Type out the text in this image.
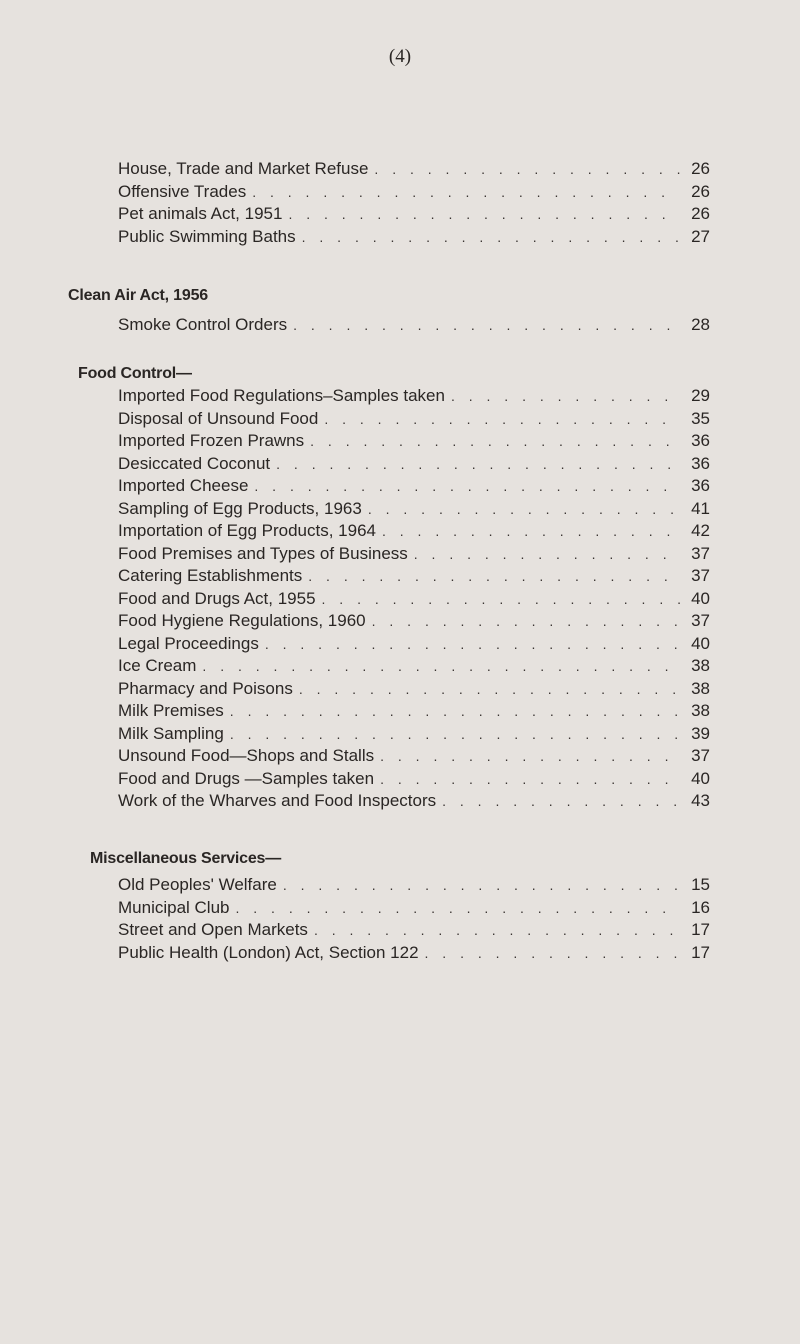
(4)
House, Trade and Market Refuse . . .	26
Offensive Trades . . .	26
Pet animals Act, 1951 . . .	26
Public Swimming Baths . . .	27
Clean Air Act, 1956
Smoke Control Orders . . .	28
Food Control—
Imported Food Regulations–Samples taken . . .	29
Disposal of Unsound Food . . .	35
Imported Frozen Prawns . . .	36
Desiccated Coconut . . .	36
Imported Cheese . . .	36
Sampling of Egg Products, 1963 . . .	41
Importation of Egg Products, 1964 . . .	42
Food Premises and Types of Business . . .	37
Catering Establishments . . .	37
Food and Drugs Act, 1955 . . .	40
Food Hygiene Regulations, 1960 . . .	37
Legal Proceedings . . .	40
Ice Cream . . .	38
Pharmacy and Poisons . . .	38
Milk Premises . . .	38
Milk Sampling . . .	39
Unsound Food—Shops and Stalls . . .	37
Food and Drugs —Samples taken . . .	40
Work of the Wharves and Food Inspectors . . .	43
Miscellaneous Services—
Old Peoples' Welfare . . .	15
Municipal Club . . .	16
Street and Open Markets . . .	17
Public Health (London) Act, Section 122 . . .	17
